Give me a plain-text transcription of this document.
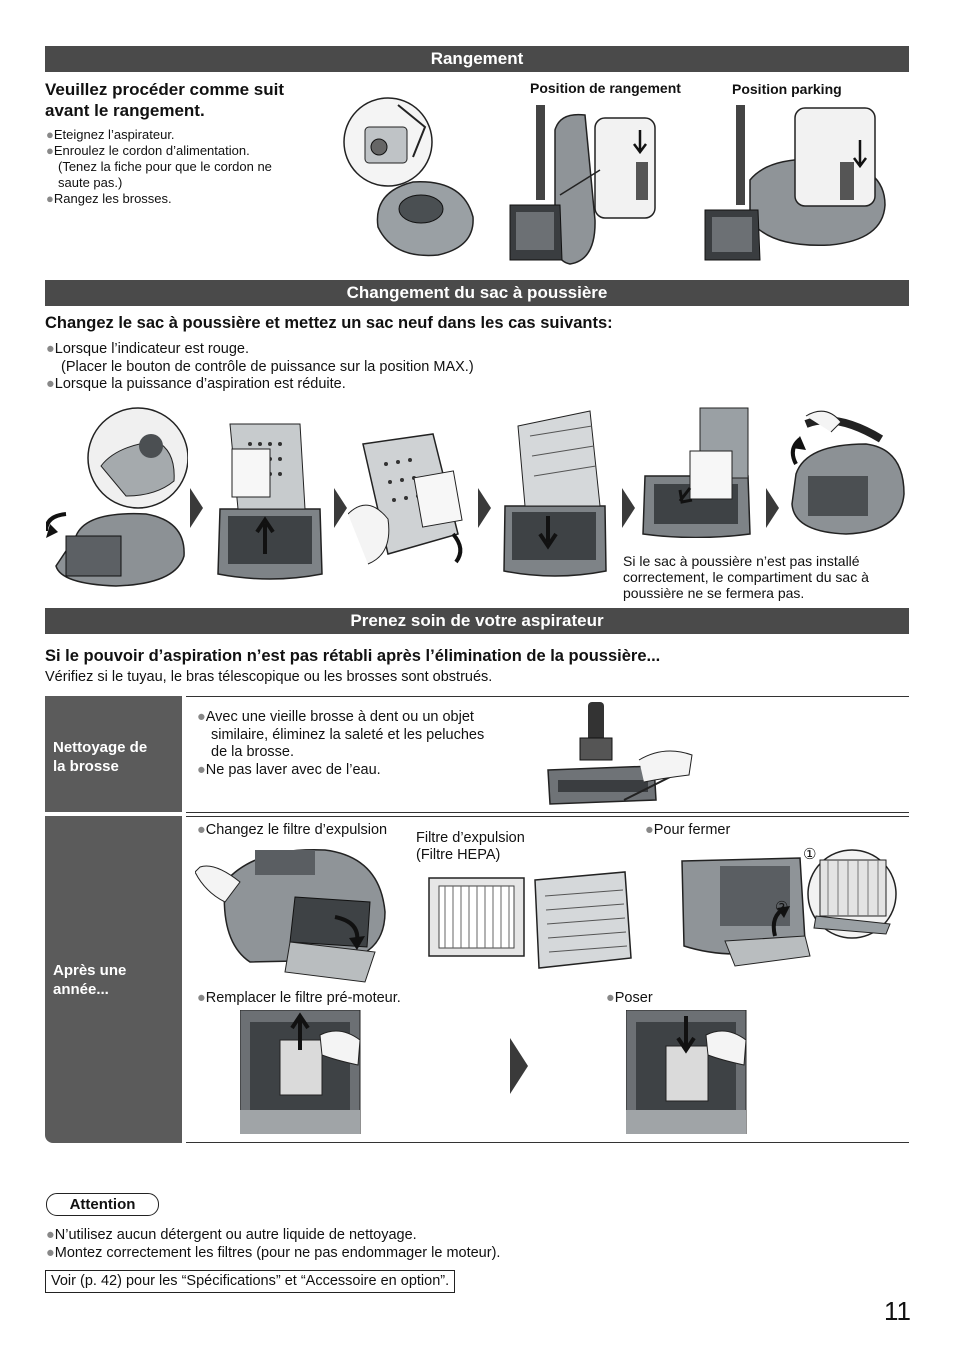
Rangement
Veuillez procéder comme suit
avant le rangement.
●Eteignez l’aspirateur.
●Enroulez le cordon d’alimentation.
(Tenez la fiche pour que le cordon ne
saute pas.)
●Rangez les brosses.
Position de rangement	Position parking
Changement du sac à poussière
Changez le sac à poussière et mettez un sac neuf dans les cas suivants:
●Lorsque l’indicateur est rouge.
(Placer le bouton de contrôle de puissance sur la position MAX.)
●Lorsque la puissance d’aspiration est réduite.
Si le sac à poussière n’est pas installé
correctement, le compartiment du sac à
poussière ne se fermera pas.
Prenez soin de votre aspirateur
Si le pouvoir d’aspiration n’est pas rétabli après l’élimination de la poussière...
Vérifiez si le tuyau, le bras télescopique ou les brosses sont obstrués.
Nettoyage de
la brosse
●Avec une vieille brosse à dent ou un objet
similaire, éliminez la saleté et les peluches
de la brosse.
●Ne pas laver avec de l’eau.
Après une
année...
●Changez le filtre d’expulsion Filtre d’expulsion
(Filtre HEPA)
●Pour fermer
①
②
●Remplacer le filtre pré-moteur.	●Poser
Attention
●N’utilisez aucun détergent ou autre liquide de nettoyage.
●Montez correctement les filtres (pour ne pas endommager le moteur).
Voir (p. 42) pour les “Spécifications” et “Accessoire en option”.
11
